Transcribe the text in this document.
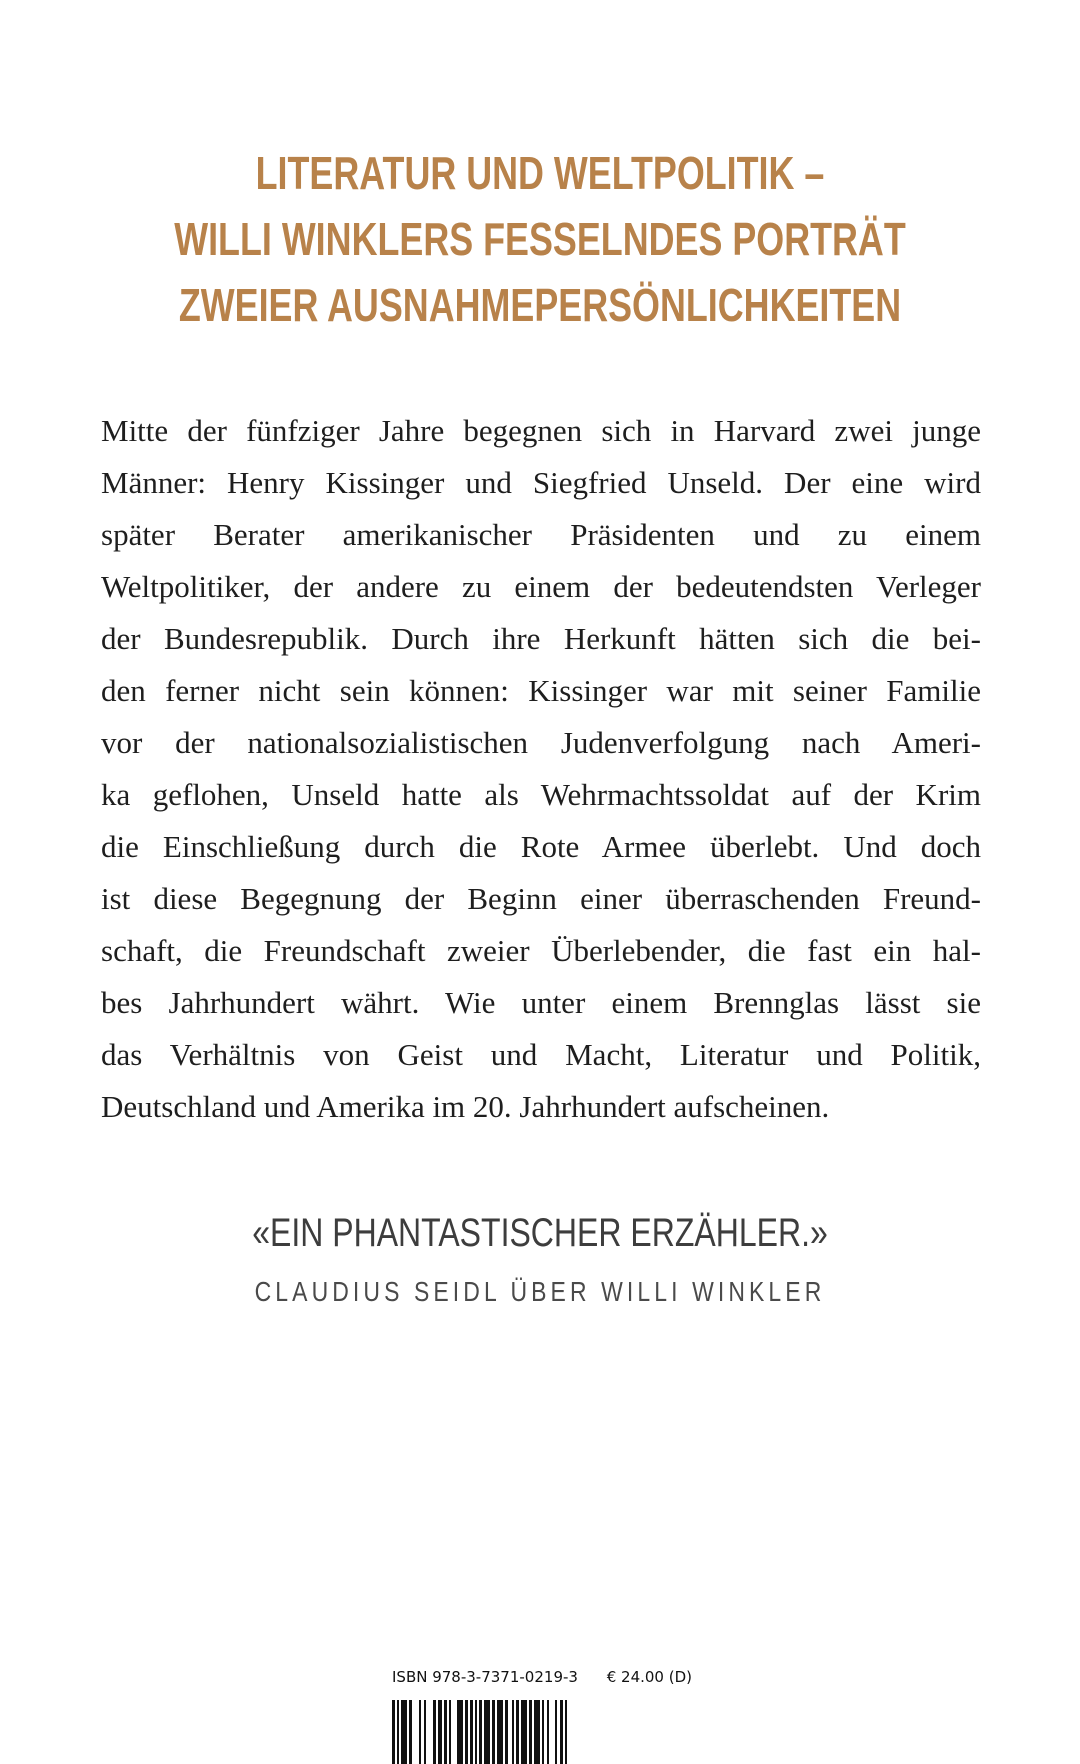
LITERATUR UND WELTPOLITIK –
WILLI WINKLERS FESSELNDES PORTRÄT
ZWEIER AUSNAHMEPERSÖNLICHKEITEN
Mitte der fünfziger Jahre begegnen sich in Harvard zwei junge
Männer: Henry Kissinger und Siegfried Unseld. Der eine wird
später Berater amerikanischer Präsidenten und zu einem
Weltpolitiker, der andere zu einem der bedeutendsten Verleger
der Bundesrepublik. Durch ihre Herkunft hätten sich die bei-
den ferner nicht sein können: Kissinger war mit seiner Familie
vor der nationalsozialistischen Judenverfolgung nach Ameri-
ka geflohen, Unseld hatte als Wehrmachtssoldat auf der Krim
die Einschließung durch die Rote Armee überlebt. Und doch
ist diese Begegnung der Beginn einer überraschenden Freund-
schaft, die Freundschaft zweier Überlebender, die fast ein hal-
bes Jahrhundert währt. Wie unter einem Brennglas lässt sie
das Verhältnis von Geist und Macht, Literatur und Politik,
Deutschland und Amerika im 20. Jahrhundert aufscheinen.
«EIN PHANTASTISCHER ERZÄHLER.»
CLAUDIUS SEIDL ÜBER WILLI WINKLER
ISBN 978-3-7371-0219-3 € 24.00 (D)
